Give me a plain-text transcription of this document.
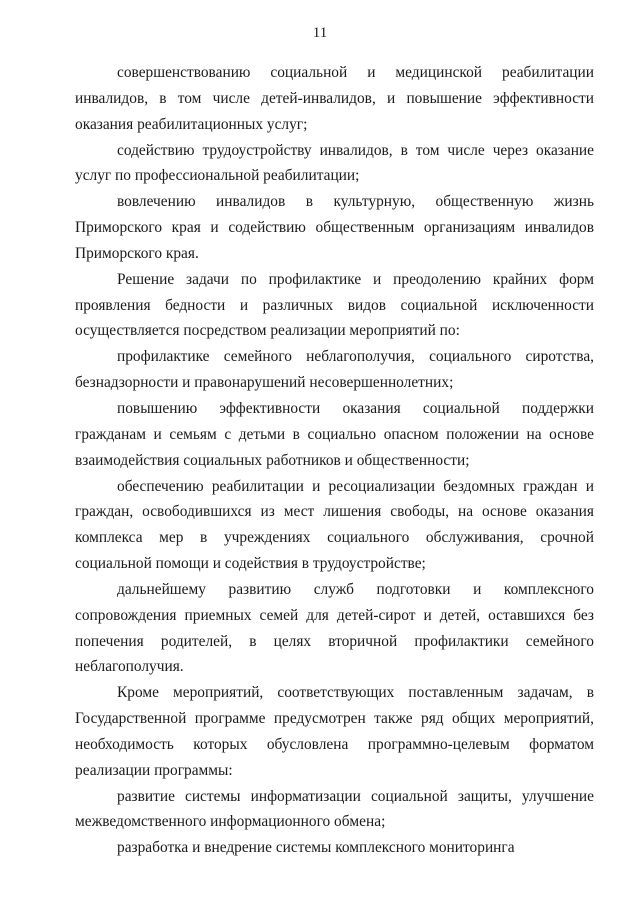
11

совершенствованию социальной и медицинской реабилитации инвалидов, в том числе детей-инвалидов, и повышение эффективности оказания реабилитационных услуг;

содействию трудоустройству инвалидов, в том числе через оказание услуг по профессиональной реабилитации;

вовлечению инвалидов в культурную, общественную жизнь Приморского края и содействию общественным организациям инвалидов Приморского края.

Решение задачи по профилактике и преодолению крайних форм проявления бедности и различных видов социальной исключенности осуществляется посредством реализации мероприятий по:

профилактике семейного неблагополучия, социального сиротства, безнадзорности и правонарушений несовершеннолетних;

повышению эффективности оказания социальной поддержки гражданам и семьям с детьми в социально опасном положении на основе взаимодействия социальных работников и общественности;

обеспечению реабилитации и ресоциализации бездомных граждан и граждан, освободившихся из мест лишения свободы, на основе оказания комплекса мер в учреждениях социального обслуживания, срочной социальной помощи и содействия в трудоустройстве;

дальнейшему развитию служб подготовки и комплексного сопровождения приемных семей для детей-сирот и детей, оставшихся без попечения родителей, в целях вторичной профилактики семейного неблагополучия.

Кроме мероприятий, соответствующих поставленным задачам, в Государственной программе предусмотрен также ряд общих мероприятий, необходимость которых обусловлена программно-целевым форматом реализации программы:

развитие системы информатизации социальной защиты, улучшение межведомственного информационного обмена;

разработка и внедрение системы комплексного мониторинга
